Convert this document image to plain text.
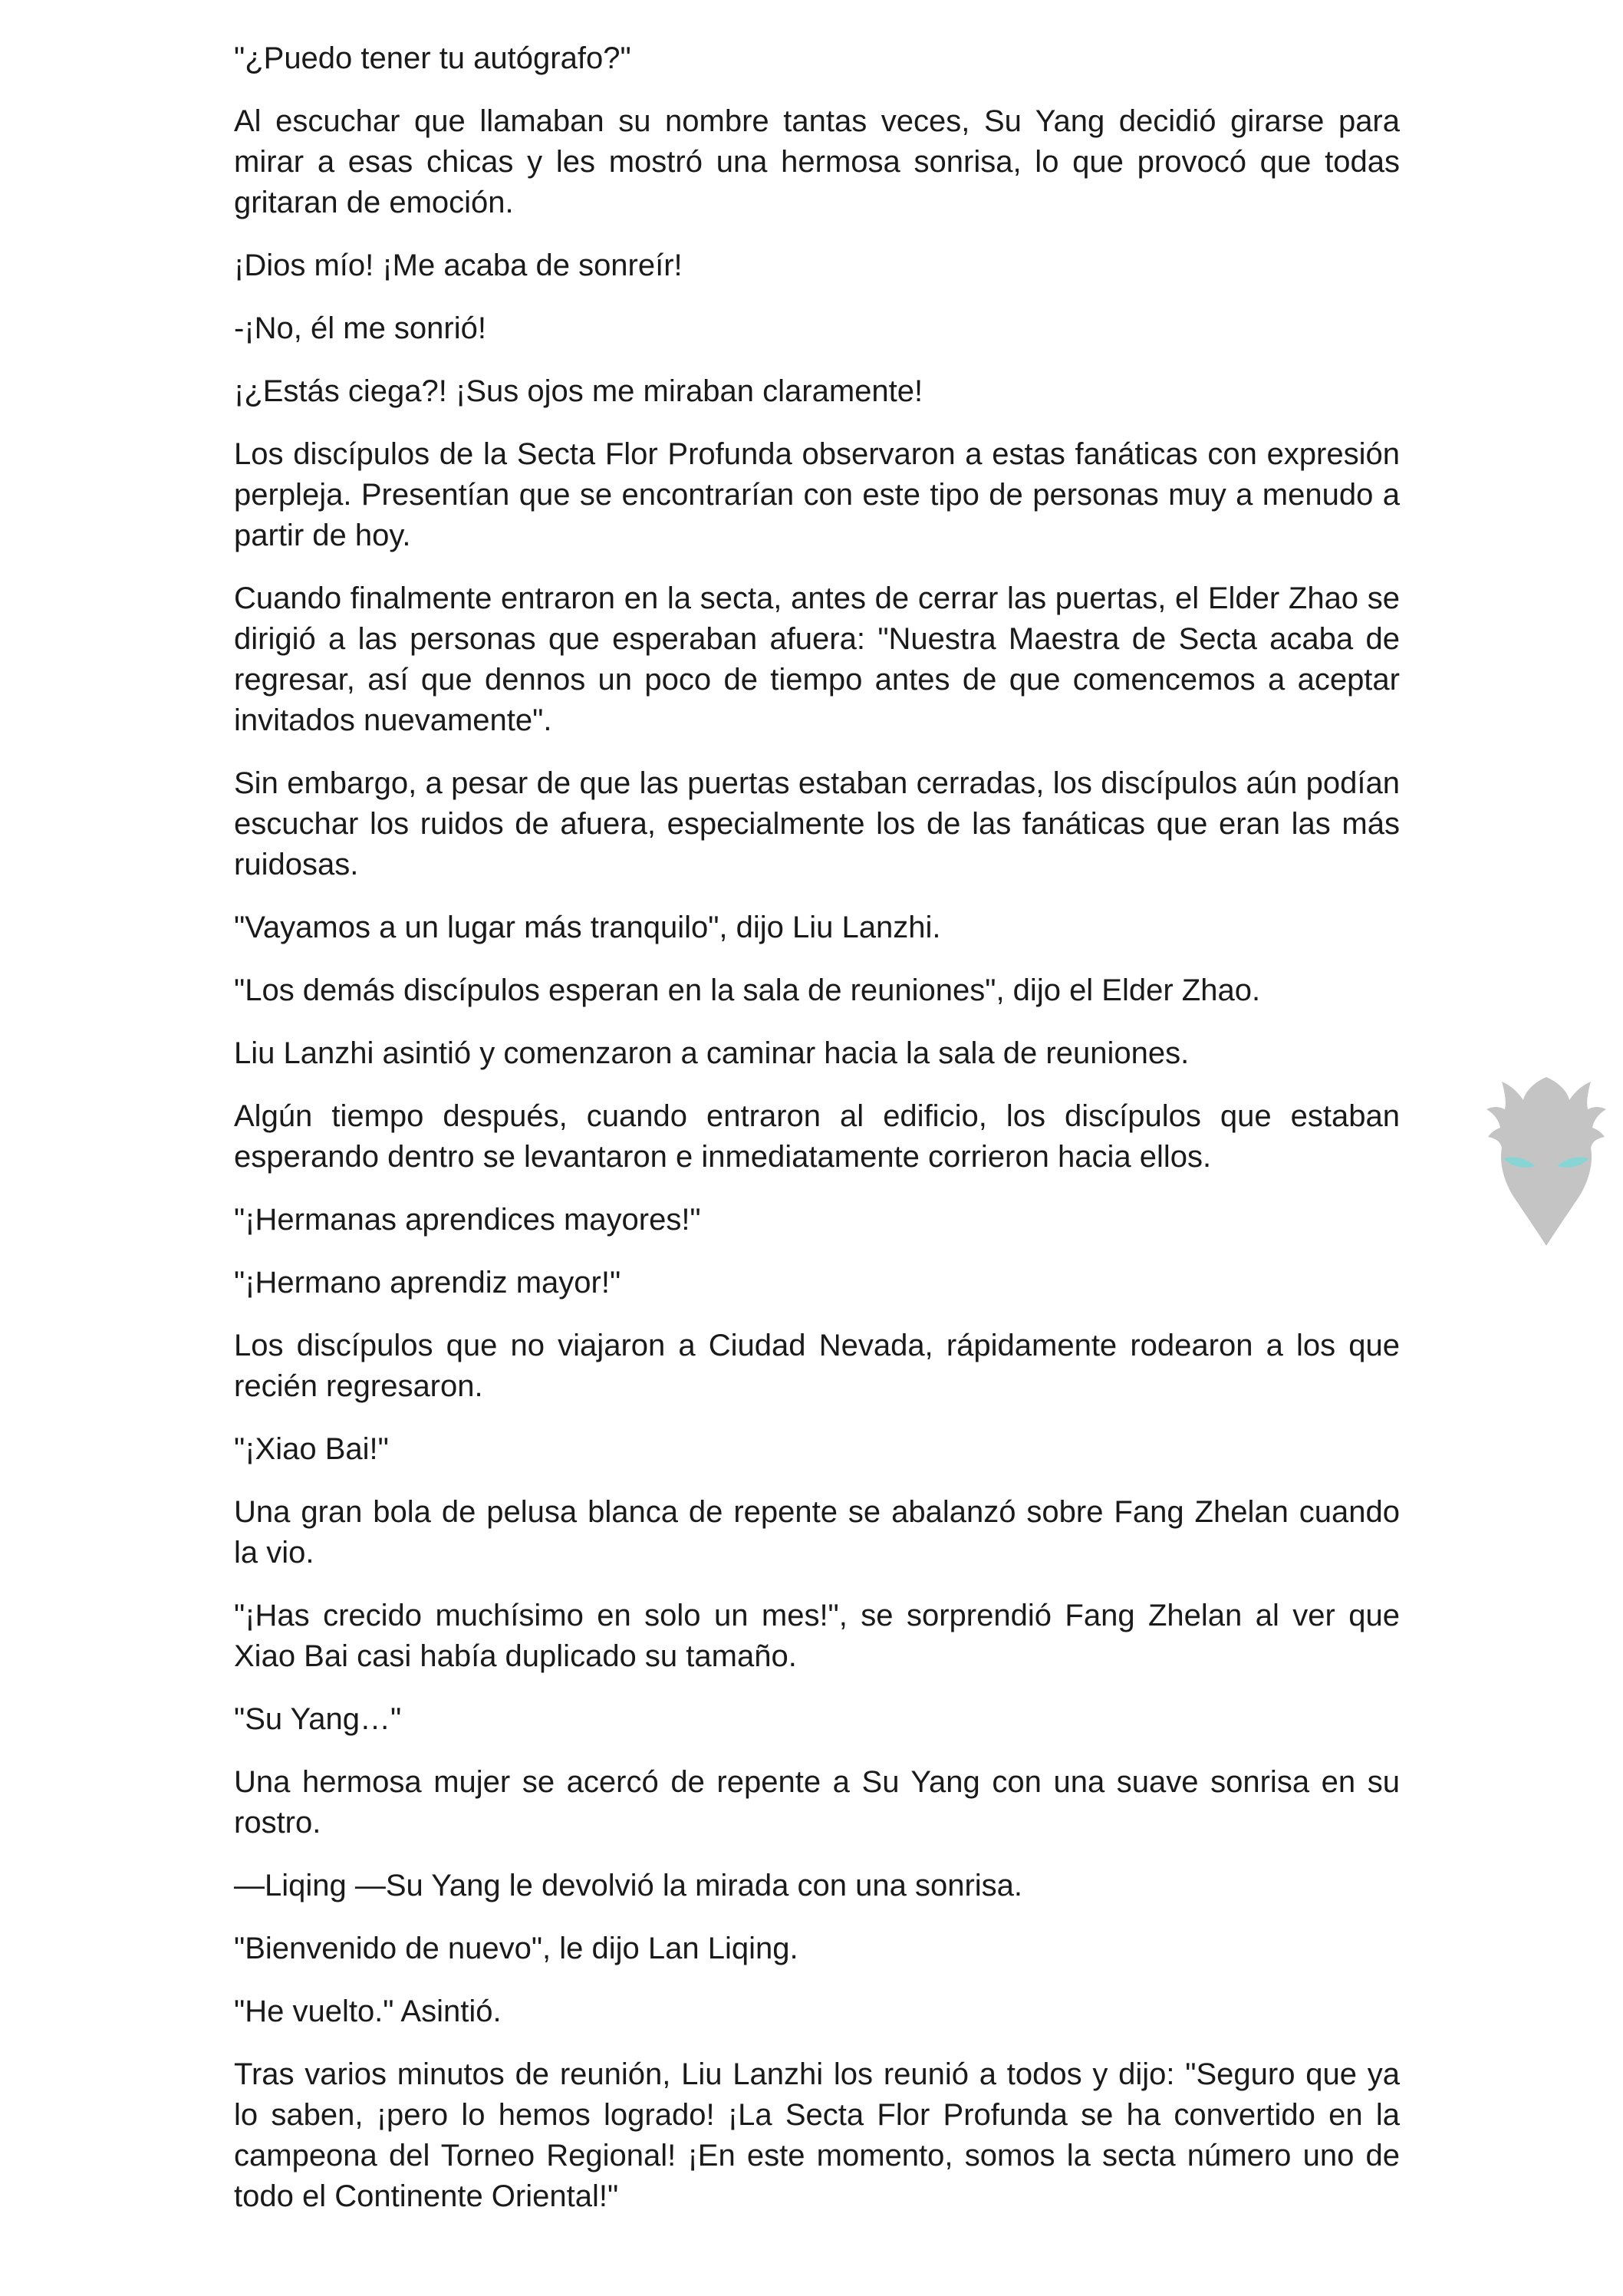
"¿Puedo tener tu autógrafo?"

Al escuchar que llamaban su nombre tantas veces, Su Yang decidió girarse para mirar a esas chicas y les mostró una hermosa sonrisa, lo que provocó que todas gritaran de emoción.

¡Dios mío! ¡Me acaba de sonreír!

-¡No, él me sonrió!

¡¿Estás ciega?! ¡Sus ojos me miraban claramente!

Los discípulos de la Secta Flor Profunda observaron a estas fanáticas con expresión perpleja. Presentían que se encontrarían con este tipo de personas muy a menudo a partir de hoy.

Cuando finalmente entraron en la secta, antes de cerrar las puertas, el Elder Zhao se dirigió a las personas que esperaban afuera: "Nuestra Maestra de Secta acaba de regresar, así que dennos un poco de tiempo antes de que comencemos a aceptar invitados nuevamente".

Sin embargo, a pesar de que las puertas estaban cerradas, los discípulos aún podían escuchar los ruidos de afuera, especialmente los de las fanáticas que eran las más ruidosas.

"Vayamos a un lugar más tranquilo", dijo Liu Lanzhi.

"Los demás discípulos esperan en la sala de reuniones", dijo el Elder Zhao.

Liu Lanzhi asintió y comenzaron a caminar hacia la sala de reuniones.

Algún tiempo después, cuando entraron al edificio, los discípulos que estaban esperando dentro se levantaron e inmediatamente corrieron hacia ellos.

"¡Hermanas aprendices mayores!"

"¡Hermano aprendiz mayor!"

Los discípulos que no viajaron a Ciudad Nevada, rápidamente rodearon a los que recién regresaron.

"¡Xiao Bai!"

Una gran bola de pelusa blanca de repente se abalanzó sobre Fang Zhelan cuando la vio.

"¡Has crecido muchísimo en solo un mes!", se sorprendió Fang Zhelan al ver que Xiao Bai casi había duplicado su tamaño.

"Su Yang…"

Una hermosa mujer se acercó de repente a Su Yang con una suave sonrisa en su rostro.

—Liqing —Su Yang le devolvió la mirada con una sonrisa.

"Bienvenido de nuevo", le dijo Lan Liqing.

"He vuelto." Asintió.

Tras varios minutos de reunión, Liu Lanzhi los reunió a todos y dijo: "Seguro que ya lo saben, ¡pero lo hemos logrado! ¡La Secta Flor Profunda se ha convertido en la campeona del Torneo Regional! ¡En este momento, somos la secta número uno de todo el Continente Oriental!"
